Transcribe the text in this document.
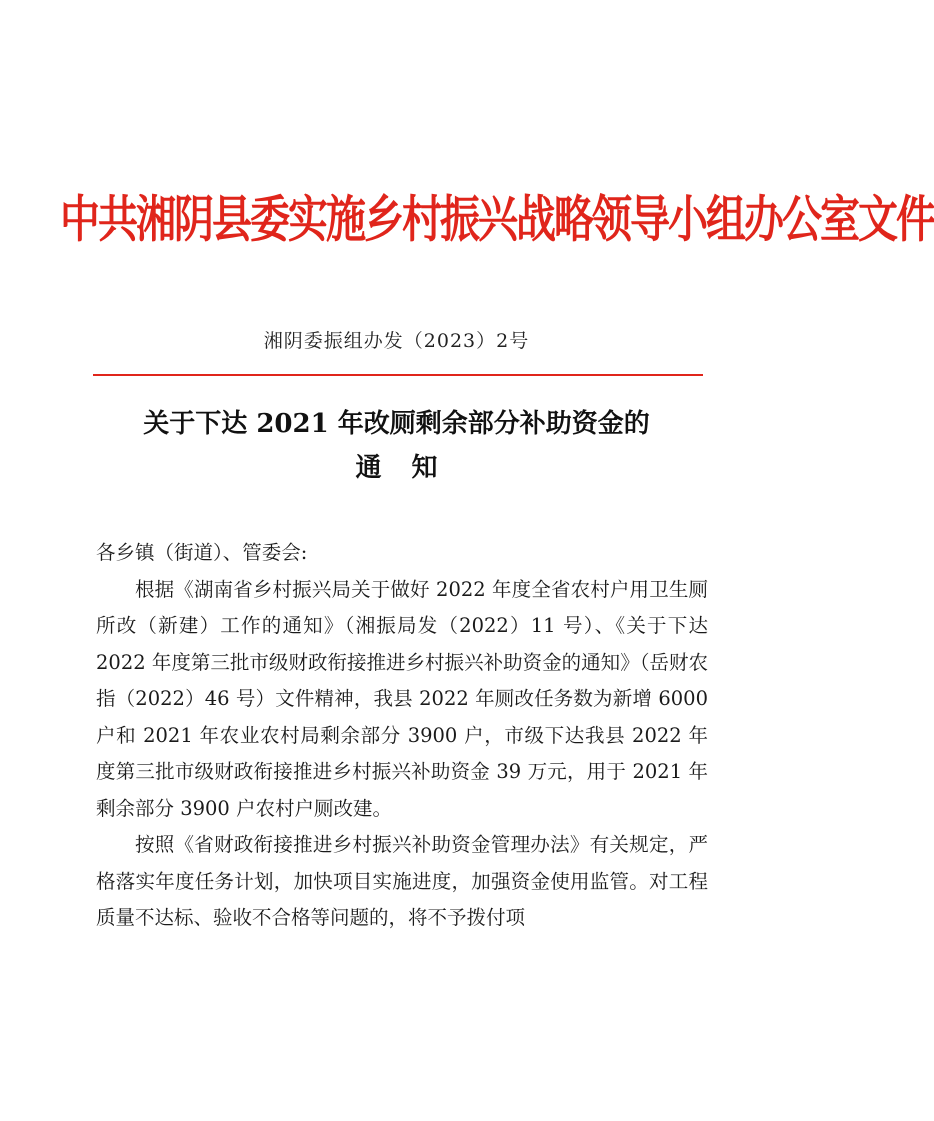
中共湘阴县委实施乡村振兴战略领导小组办公室文件
湘阴委振组办发（2023）2号
关于下达 2021 年改厕剩余部分补助资金的
通知

各乡镇（街道）、管委会:

根据《湖南省乡村振兴局关于做好 2022 年度全省农村户用卫生厕所改（新建）工作的通知》（湘振局发（2022）11 号）、《关于下达 2022 年度第三批市级财政衔接推进乡村振兴补助资金的通知》（岳财农指（2022）46 号）文件精神，我县 2022 年厕改任务数为新增 6000 户和 2021 年农业农村局剩余部分 3900 户，市级下达我县 2022 年度第三批市级财政衔接推进乡村振兴补助资金 39 万元，用于 2021 年剩余部分 3900 户农村户厕改建。

按照《省财政衔接推进乡村振兴补助资金管理办法》有关规定，严格落实年度任务计划，加快项目实施进度，加强资金使用监管。对工程质量不达标、验收不合格等问题的，将不予拨付项
